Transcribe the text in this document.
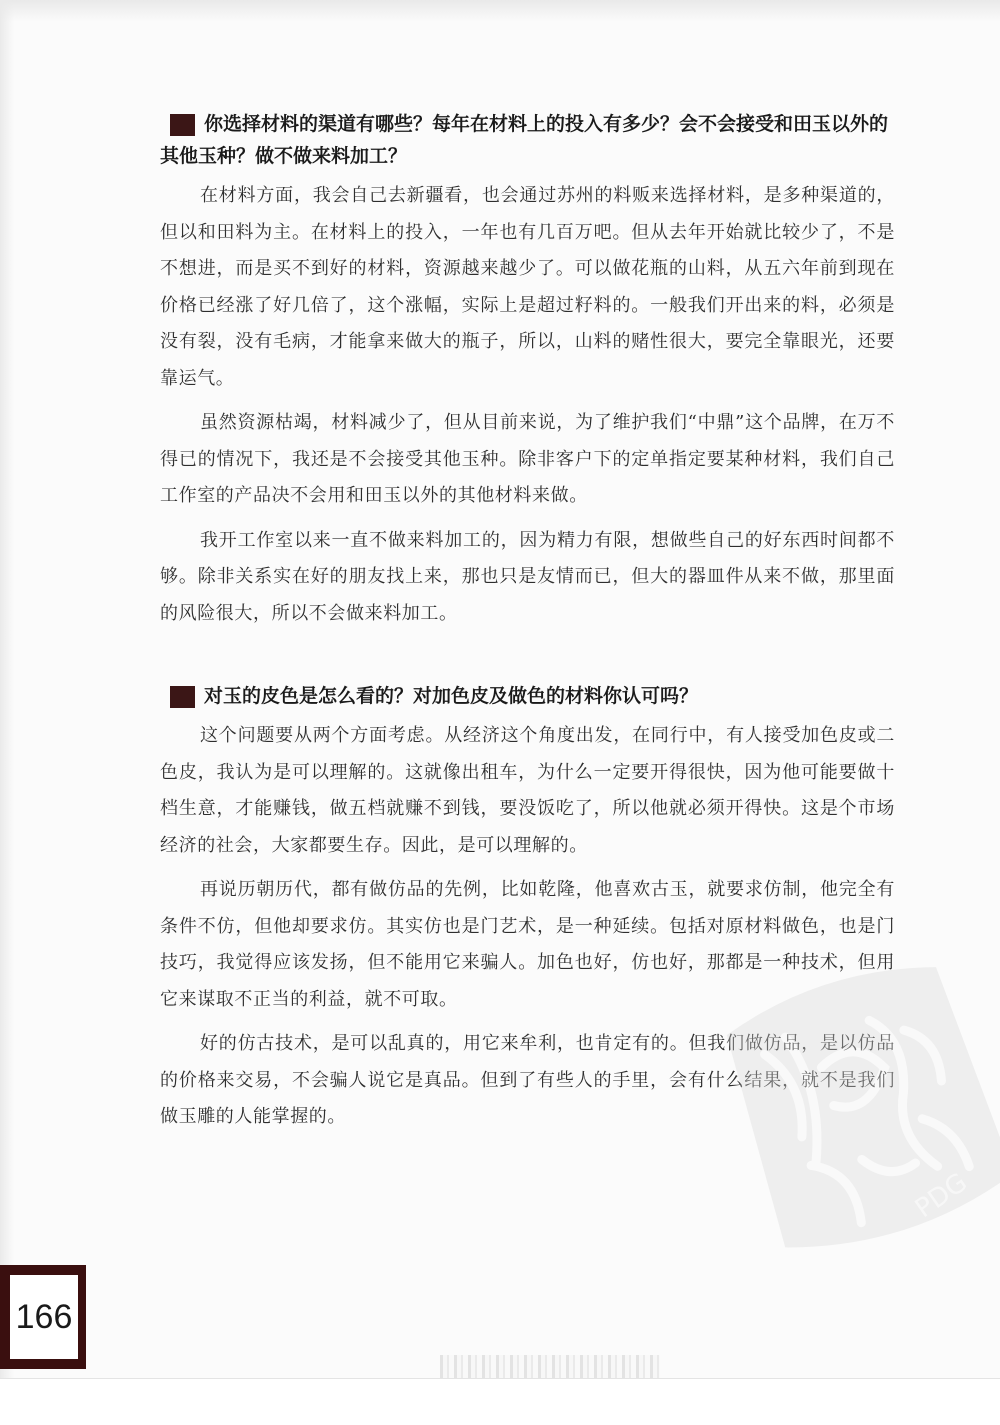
你选择材料的渠道有哪些？每年在材料上的投入有多少？会不会接受和田玉以外的其他玉种？做不做来料加工？

在材料方面，我会自己去新疆看，也会通过苏州的料贩来选择材料，是多种渠道的，但以和田料为主。在材料上的投入，一年也有几百万吧。但从去年开始就比较少了，不是不想进，而是买不到好的材料，资源越来越少了。可以做花瓶的山料，从五六年前到现在价格已经涨了好几倍了，这个涨幅，实际上是超过籽料的。一般我们开出来的料，必须是没有裂，没有毛病，才能拿来做大的瓶子，所以，山料的赌性很大，要完全靠眼光，还要靠运气。

虽然资源枯竭，材料减少了，但从目前来说，为了维护我们“中鼎”这个品牌，在万不得已的情况下，我还是不会接受其他玉种。除非客户下的定单指定要某种材料，我们自己工作室的产品决不会用和田玉以外的其他材料来做。

我开工作室以来一直不做来料加工的，因为精力有限，想做些自己的好东西时间都不够。除非关系实在好的朋友找上来，那也只是友情而已，但大的器皿件从来不做，那里面的风险很大，所以不会做来料加工。

对玉的皮色是怎么看的？对加色皮及做色的材料你认可吗？

这个问题要从两个方面考虑。从经济这个角度出发，在同行中，有人接受加色皮或二色皮，我认为是可以理解的。这就像出租车，为什么一定要开得很快，因为他可能要做十档生意，才能赚钱，做五档就赚不到钱，要没饭吃了，所以他就必须开得快。这是个市场经济的社会，大家都要生存。因此，是可以理解的。

再说历朝历代，都有做仿品的先例，比如乾隆，他喜欢古玉，就要求仿制，他完全有条件不仿，但他却要求仿。其实仿也是门艺术，是一种延续。包括对原材料做色，也是门技巧，我觉得应该发扬，但不能用它来骗人。加色也好，仿也好，那都是一种技术，但用它来谋取不正当的利益，就不可取。

好的仿古技术，是可以乱真的，用它来牟利，也肯定有的。但我们做仿品，是以仿品的价格来交易，不会骗人说它是真品。但到了有些人的手里，会有什么结果，就不是我们做玉雕的人能掌握的。

PDG
166
